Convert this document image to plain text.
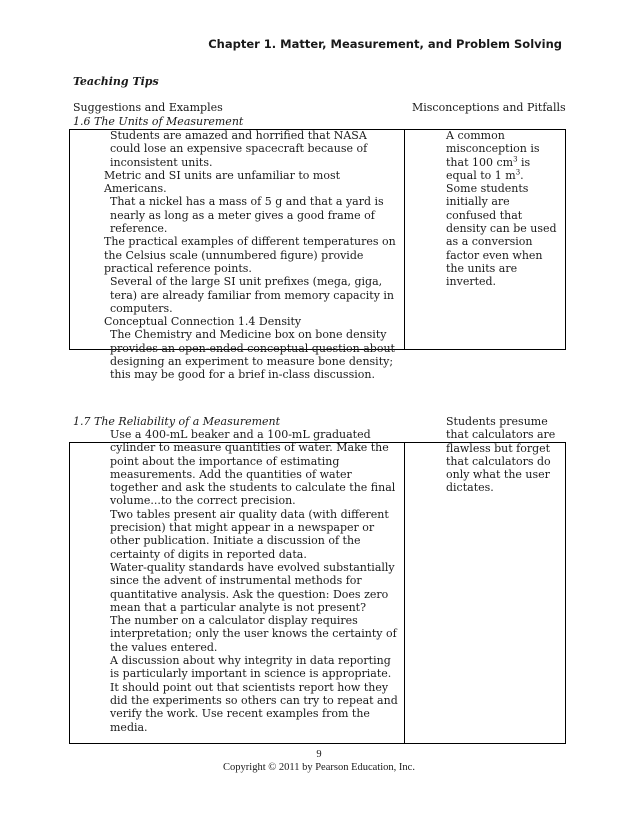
Chapter 1. Matter, Measurement, and Problem Solving
Teaching Tips
Suggestions and Examples	Misconceptions and Pitfalls
1.6 The Units of Measurement

Students are amazed and horrified that NASA could lose an expensive spacecraft because of inconsistent units.

Metric and SI units are unfamiliar to most Americans.

That a nickel has a mass of 5 g and that a yard is nearly as long as a meter gives a good frame of reference.

The practical examples of different temperatures on the Celsius scale (unnumbered figure) provide practical reference points.

Several of the large SI unit prefixes (mega, giga, tera) are already familiar from memory capacity in computers.

Conceptual Connection 1.4 Density

The Chemistry and Medicine box on bone density provides an open-ended conceptual question about designing an experiment to measure bone density; this may be good for a brief in-class discussion.

A common misconception is that 100 $cm^3$ is equal to 1 $m^3$.

Some students initially are confused that density can be used as a conversion factor even when the units are inverted.

1.7 The Reliability of a Measurement

Use a 400-mL beaker and a 100-mL graduated cylinder to measure quantities of water. Make the point about the importance of estimating measurements. Add the quantities of water together and ask the students to calculate the final volume...to the correct precision.

Two tables present air quality data (with different precision) that might appear in a newspaper or other publication. Initiate a discussion of the certainty of digits in reported data.

Water-quality standards have evolved substantially since the advent of instrumental methods for quantitative analysis. Ask the question: Does zero mean that a particular analyte is not present?

The number on a calculator display requires interpretation; only the user knows the certainty of the values entered.

A discussion about why integrity in data reporting is particularly important in science is appropriate. It should point out that scientists report how they did the experiments so others can try to repeat and verify the work. Use recent examples from the media.

Students presume that calculators are flawless but forget that calculators do only what the user dictates.

9
Copyright © 2011 by Pearson Education, Inc.
